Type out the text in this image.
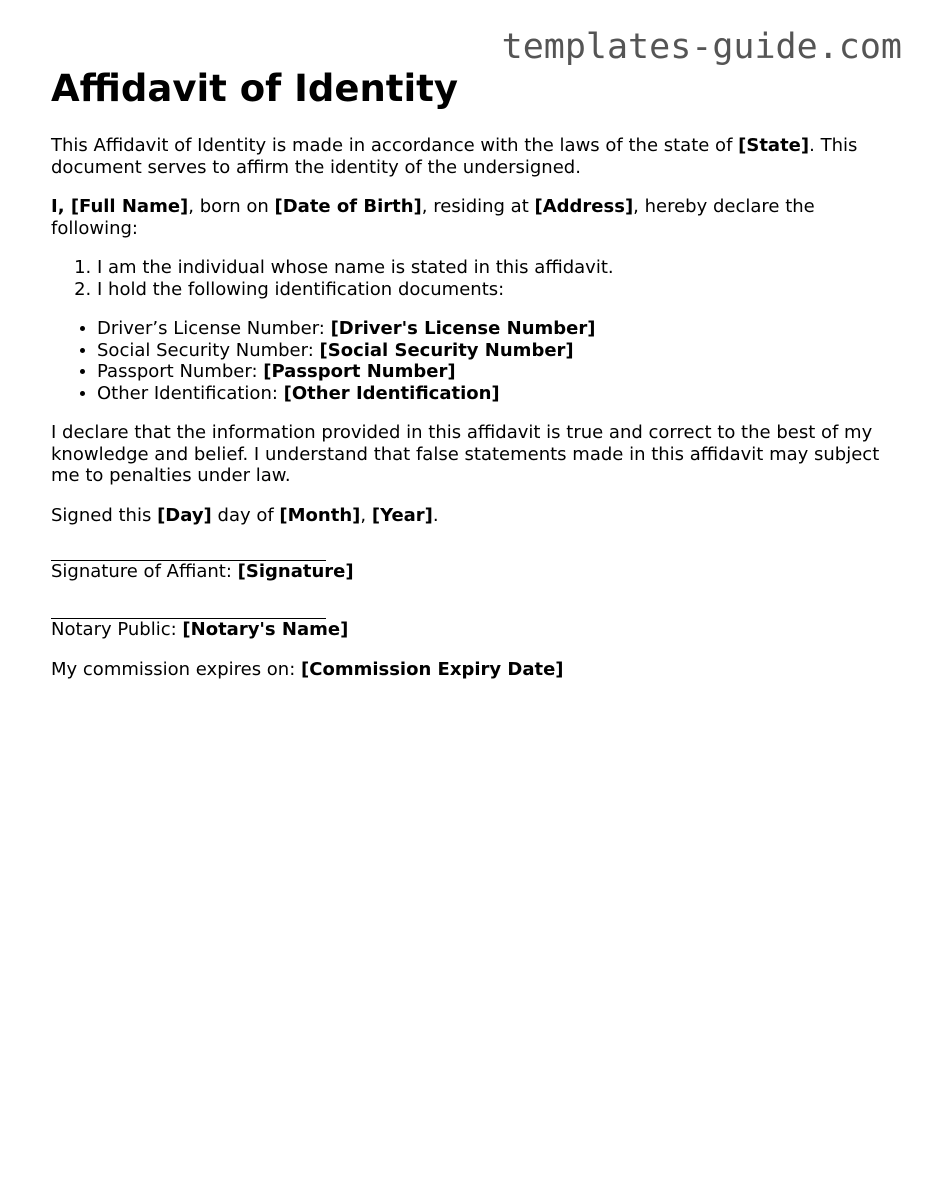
templates-guide.com
Affidavit of Identity

This Affidavit of Identity is made in accordance with the laws of the state of [State]. This document serves to affirm the identity of the undersigned.

I, [Full Name], born on [Date of Birth], residing at [Address], hereby declare the following:

1. I am the individual whose name is stated in this affidavit.
2. I hold the following identification documents:
• Driver’s License Number: [Driver's License Number]
• Social Security Number: [Social Security Number]
• Passport Number: [Passport Number]
• Other Identification: [Other Identification]

I declare that the information provided in this affidavit is true and correct to the best of my knowledge and belief. I understand that false statements made in this affidavit may subject me to penalties under law.

Signed this [Day] day of [Month], [Year].

Signature of Affiant: [Signature]
Notary Public: [Notary's Name]

My commission expires on: [Commission Expiry Date]
